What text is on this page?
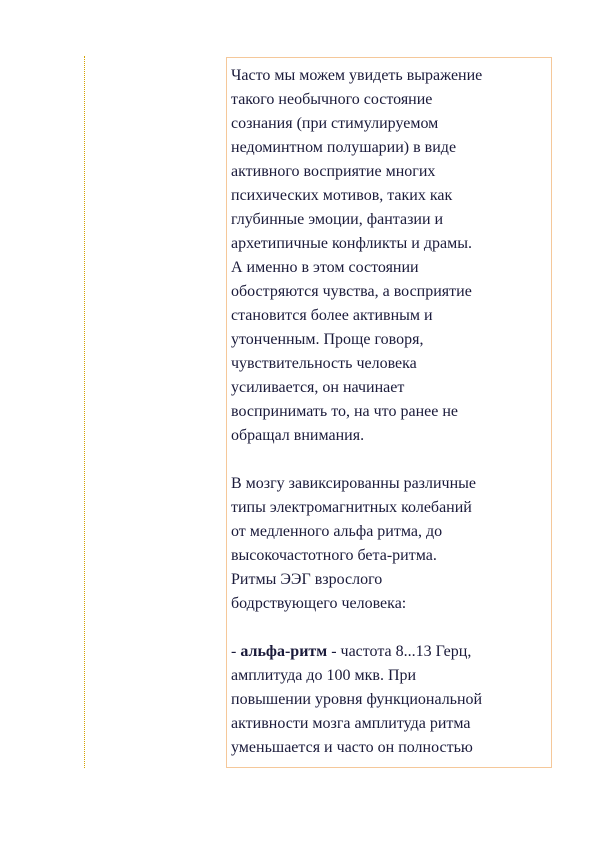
Часто мы можем увидеть выражение
такого необычного состояние
сознания (при стимулируемом
недоминтном полушарии) в виде
активного восприятие многих
психических мотивов, таких как
глубинные эмоции, фантазии и
архетипичные конфликты и драмы.
А именно в этом состоянии
обостряются чувства, а восприятие
становится более активным и
утонченным. Проще говоря,
чувствительность человека
усиливается, он начинает
воспринимать то, на что ранее не
обращал внимания.

В мозгу завиксированны различные
типы электромагнитных колебаний
от медленного альфа ритма, до
высокочастотного бета-ритма.
Ритмы ЭЭГ взрослого
бодрствующего человека:

- альфа-ритм - частота 8...13 Герц,
амплитуда до 100 мкв. При
повышении уровня функциональной
активности мозга амплитуда ритма
уменьшается и часто он полностью
